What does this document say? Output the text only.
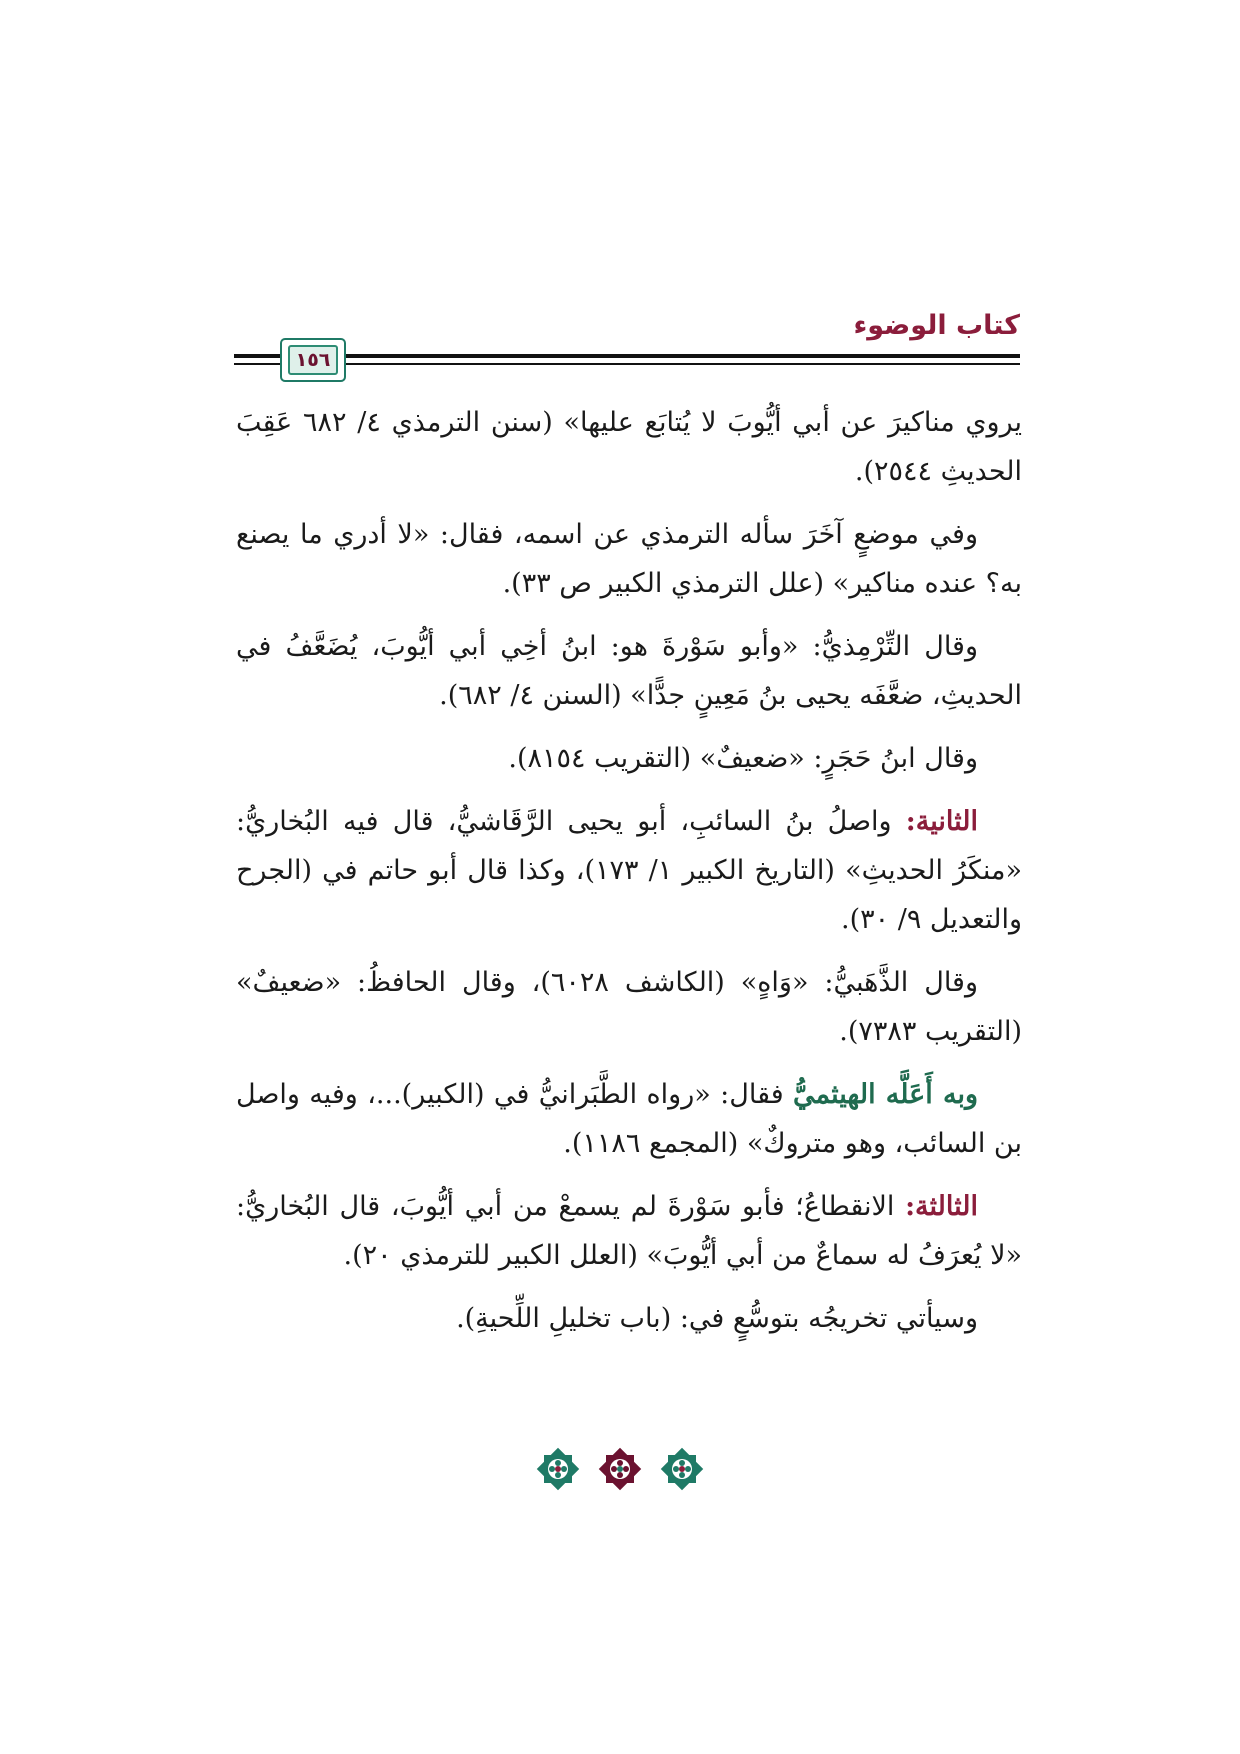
كتاب الوضوء
١٥٦

يروي مناكيرَ عن أبي أيُّوبَ لا يُتابَع عليها» (سنن الترمذي ٤/ ٦٨٢ عَقِبَ الحديثِ ٢٥٤٤).

وفي موضعٍ آخَرَ سأله الترمذي عن اسمه، فقال: «لا أدري ما يصنع به؟ عنده مناكير» (علل الترمذي الكبير ص ٣٣).

وقال التِّرْمِذيُّ: «وأبو سَوْرةَ هو: ابنُ أخِي أبي أيُّوبَ، يُضَعَّفُ في الحديثِ، ضعَّفَه يحيى بنُ مَعِينٍ جدًّا» (السنن ٤/ ٦٨٢).

وقال ابنُ حَجَرٍ: «ضعيفٌ» (التقريب ٨١٥٤).

الثانية: واصلُ بنُ السائبِ، أبو يحيى الرَّقَاشيُّ، قال فيه البُخاريُّ: «منكَرُ الحديثِ» (التاريخ الكبير ١/ ١٧٣)، وكذا قال أبو حاتم في (الجرح والتعديل ٩/ ٣٠).

وقال الذَّهَبيُّ: «وَاهٍ» (الكاشف ٦٠٢٨)، وقال الحافظُ: «ضعيفٌ» (التقريب ٧٣٨٣).

وبه أَعَلَّه الهيثميُّ فقال: «رواه الطَّبَرانيُّ في (الكبير)...، وفيه واصل بن السائب، وهو متروكٌ» (المجمع ١١٨٦).

الثالثة: الانقطاعُ؛ فأبو سَوْرةَ لم يسمعْ من أبي أيُّوبَ، قال البُخاريُّ: «لا يُعرَفُ له سماعٌ من أبي أيُّوبَ» (العلل الكبير للترمذي ٢٠).

وسيأتي تخريجُه بتوسُّعٍ في: (باب تخليلِ اللِّحيةِ).
